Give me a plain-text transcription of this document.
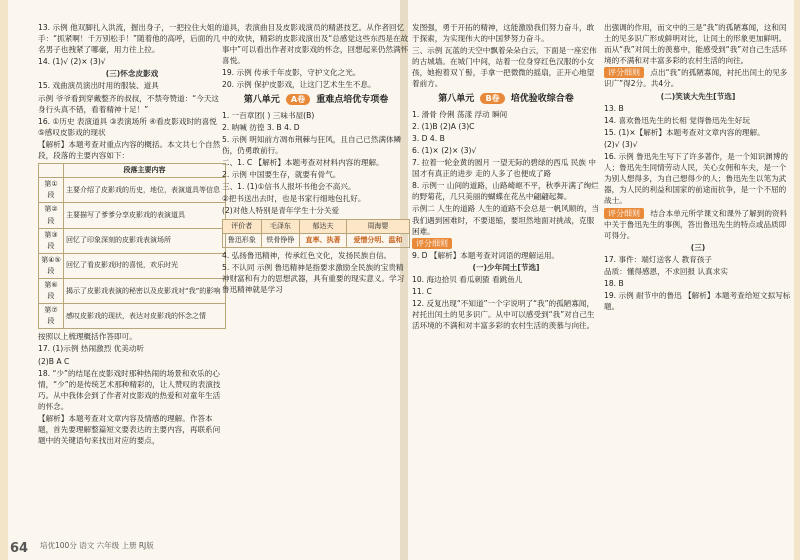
13. 示例 他双脚扎入洪流，握出身子，一把拉住大姐的手：“抓紧啊！千万别松手！”随着他的高呼，后面的几名男子也拽紧了哪豪，用力往上拉。

14. (1)√ (2)× (3)√

(三)怀念皮影戏

15. 戏曲演员演出时用的服装、道具

示例 爷爷看到穿戴整齐的叔叔，不禁夸赞道：“今天这身行头真不错，看着精神十足！”

16. ①历史 表演道具 ③表演场所 ④看皮影戏时的喜悦 ⑤感叹皮影戏的现状

【解析】本题考查对重点内容的概括。本文共七个自然段，段落的主要内容如下：

	段落主要内容
第①段	主要介绍了皮影戏的历史，地位，表演道具等信息
第②段	主要描写了爹爹分享皮影戏的表演道具
第③段	回忆了印象深刻的皮影戏表演场所
第④⑤段	回忆了看皮影戏时的喜悦，欢乐时光
第⑥段	揭示了皮影戏表演的秘密以及皮影戏对“我”的影响
第⑦段	感叹皮影戏的现状，表达对皮影戏的怀念之情

按照以上梳理概括作答即可。

17. (1)示例 热闹激烈 优美动听

(2)B A C

18. “少”的结尾在皮影戏时那种热闹的场景和欢乐的心情，“少”的是传统艺术那种精彩的，让人赞叹的表演技巧。从中我体会到了作者对皮影戏的热爱和对童年生活的怀念。

【解析】本题考查对文章内容及情感的理解。作答本题，首先要理解整篇短文要表达的主要内容，再联系问题中的关键语句来找出对应的要点，

道具，表演曲目及皮影戏演员的精湛技艺。从作者回忆中的欢快，精彩的皮影戏演出及“总感觉这些东西是在故事中”可以看出作者对皮影戏的怀念，回想起来仍然满怀喜悦。

19. 示例 传承千年皮影，守护文化之光。

20. 示例 保护皮影戏，让这门艺术生生不息。

第八单元 A卷 重难点培优专项卷

1. 一百章团( ) 三味书屋(B)

2. 呐喊 彷徨 3. B 4. D

5. 示例 明知前方凋布荆棘与狂风，且自己已然满体鳞伤，仍勇敢前行。

二、1. C 【解析】本题考查对材料内容的理解。

2. 示例 中国要生存，就要有骨气。

三、1. (1)①信书人报坏书他会不高兴。

②把书送出去时，也是书家行细地包扎好。

(2)对他人特别是青年学生十分关爱

评价者	毛泽东	郁达夫	周海婴
鲁迅形象	铁骨铮铮	直率、执著	爱憎分明、温和

4. 弘扬鲁迅精神，传承红色文化，发扬民族自信。

5. 不认同 示例 鲁迅精神是指要求激励全民族的宝贵精神财富和有力的思想武器，具有重要的现实意义。学习鲁迅精神就是学习

发图强，勇于开拓的精神，这能激励我们努力奋斗，敢于探索，为实现伟大的中国梦努力奋斗。

三、示例 瓦蓝的天空中飘着朵朵白云，下面是一座宏伟的古城墙。在城门中间，站着一位身穿红色汉服的小女孩，她抱着双丫髻，手拿一把微微的摇扇，正开心地望着前方。

第八单元 B卷 培优验收综合卷

1. 滑骨 伶俐 荡漾 浮动 瞬间

2. (1)B (2)A (3)C

3. D 4. B

6. (1)× (2)× (3)√

7. 拉着一轮金黄的圆月 一望无际的碧绿的西瓜 民族 中国才有真正的进步 走的人多了也便成了路

8. 示例一 山间的道路，山路崎岖不平，秋季开满了绚烂的野菊花，几只美丽的蝴蝶在花丛中翩翩起舞。

示例二 人生的道路 人生的道路不会总是一帆风顺的，当我们遇到困难时，不要退缩，要坦然地面对挑战，克服困难。

评分细则

9. D 【解析】本题考查对词语的理解运用。

(一)少年闰土[节选]

10. 海边拾贝 看瓜刺猹 看跳鱼儿

11. C

12. 反复出现“不知道”一个字说明了“我”的孤陋寡闻，衬托出闰土的见多识广。从中可以感受到“我”对自己生活环境的不满和对丰富多彩的农村生活的羡慕与向往。

出强调的作用，而文中的三是“我”的孤陋寡闻，这和闰土的见多识广形成鲜明对比，让闰土的形象更加鲜明。而从“我”对闰土的羡慕中，能感受到“我”对自己生活环境的不满和对丰富多彩的农村生活的向往。

评分细则 点出“我”的孤陋寡闻，衬托出闰土的见多识广”得2分。共4分。

(二)笑谈大先生[节选]

13. B

14. 喜欢鲁迅先生的长相 觉得鲁迅先生好玩

15. (1)×【解析】本题考查对文章内容的理解。

(2)√ (3)√

16. 示例 鲁迅先生写下了许多著作，是一个知识渊博的人；鲁迅先生同情劳动人民，关心女佣和车夫，是一个为别人想得多，为自己想得少的人；鲁迅先生以笔为武器，为人民的利益和国家的前途而抗争，是一个不屈的战士。

评分细则 结合本单元所学课文和课外了解到的资料中关于鲁迅先生的事例，答出鲁迅先生的特点或品质即可得分。

(三)

17. 事件：端灯送客人 教育孩子

品质：懂得感恩，不求回报 认真求实

18. B

19. 示例 耐节中的鲁迅 【解析】本题考查给短文拟写标题。

64 培优100分 语文 六年级 上册 RJ版
